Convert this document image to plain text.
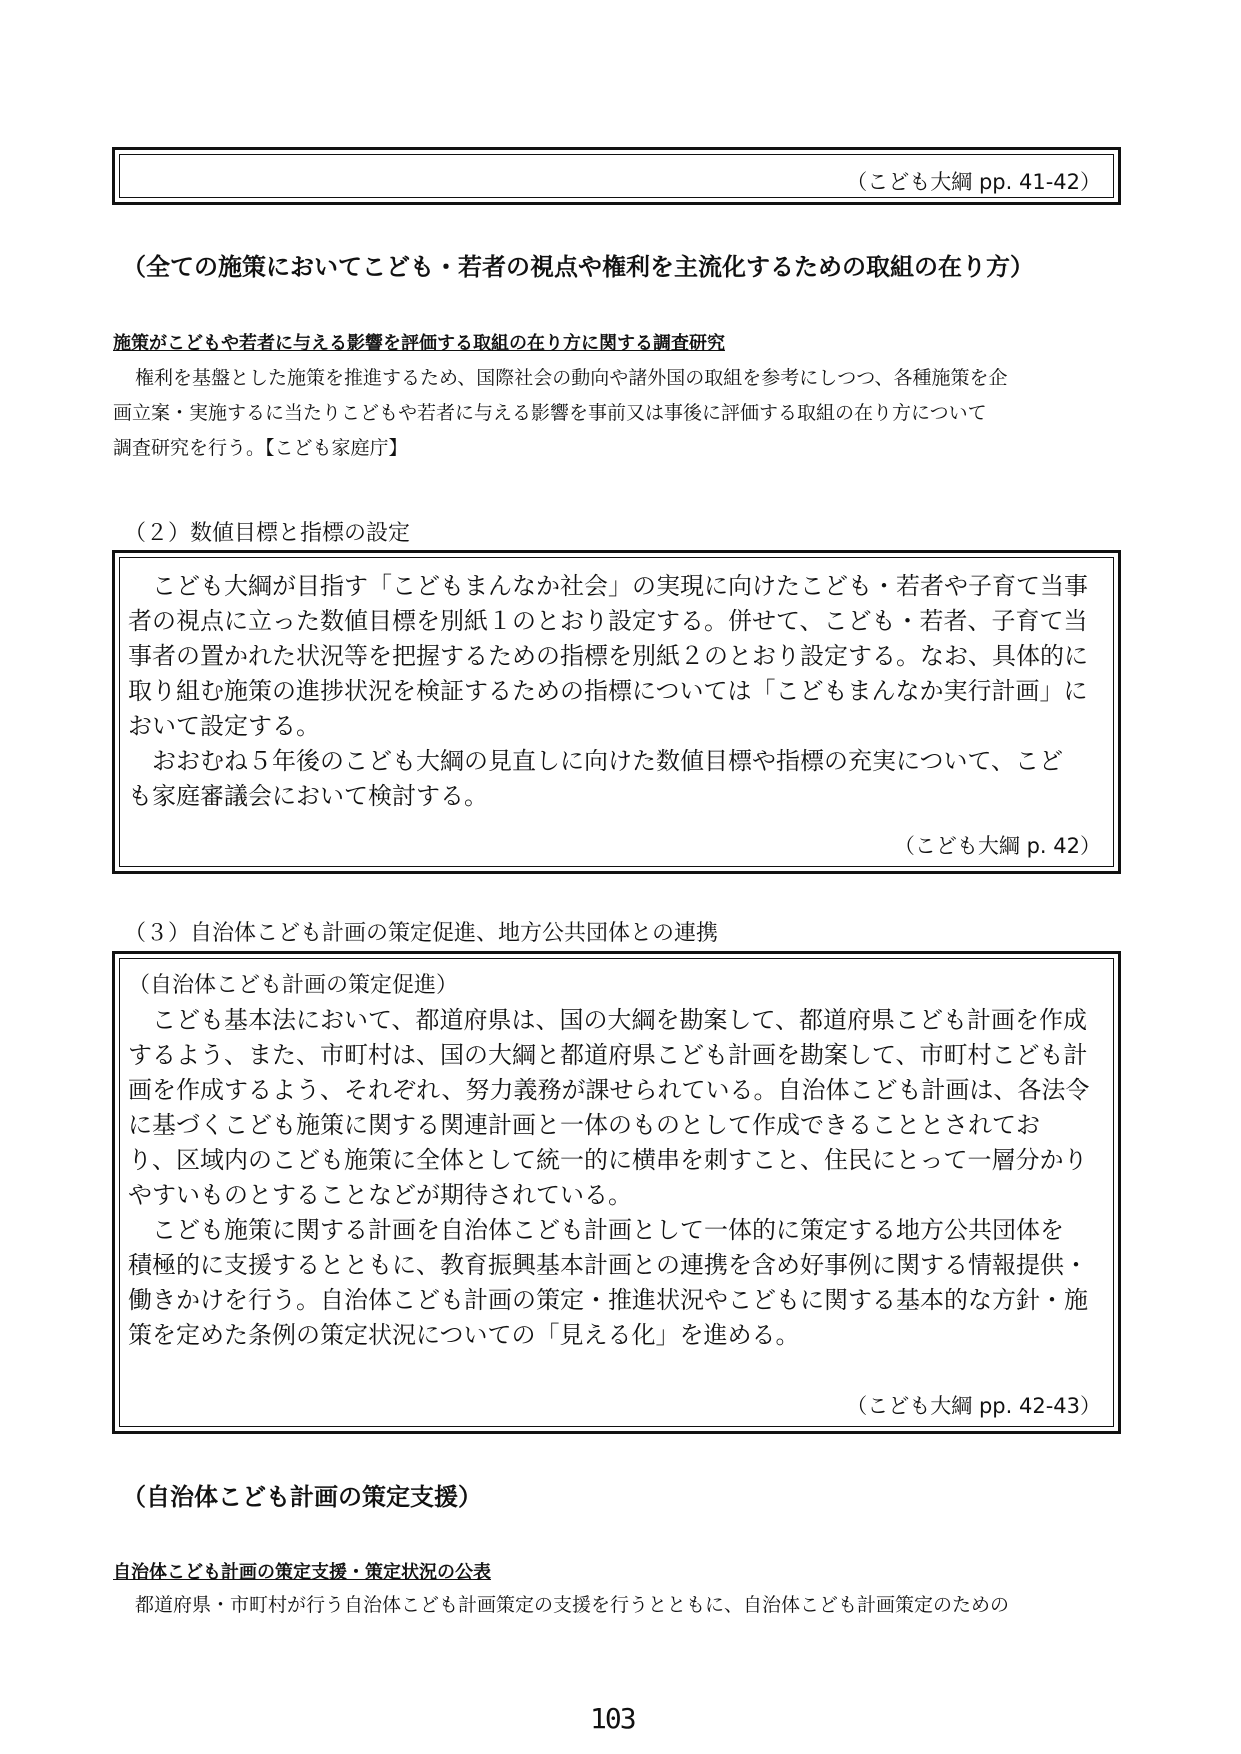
（こども大綱 pp. 41-42）
（全ての施策においてこども・若者の視点や権利を主流化するための取組の在り方）
施策がこどもや若者に与える影響を評価する取組の在り方に関する調査研究
権利を基盤とした施策を推進するため、国際社会の動向や諸外国の取組を参考にしつつ、各種施策を企
画立案・実施するに当たりこどもや若者に与える影響を事前又は事後に評価する取組の在り方について
調査研究を行う。【こども家庭庁】
（２）数値目標と指標の設定
こども大綱が目指す「こどもまんなか社会」の実現に向けたこども・若者や子育て当事
者の視点に立った数値目標を別紙１のとおり設定する。併せて、こども・若者、子育て当
事者の置かれた状況等を把握するための指標を別紙２のとおり設定する。なお、具体的に
取り組む施策の進捗状況を検証するための指標については「こどもまんなか実行計画」に
おいて設定する。
おおむね５年後のこども大綱の見直しに向けた数値目標や指標の充実について、こど
も家庭審議会において検討する。
（こども大綱 p. 42）
（３）自治体こども計画の策定促進、地方公共団体との連携
（自治体こども計画の策定促進）
こども基本法において、都道府県は、国の大綱を勘案して、都道府県こども計画を作成
するよう、また、市町村は、国の大綱と都道府県こども計画を勘案して、市町村こども計
画を作成するよう、それぞれ、努力義務が課せられている。自治体こども計画は、各法令
に基づくこども施策に関する関連計画と一体のものとして作成できることとされてお
り、区域内のこども施策に全体として統一的に横串を刺すこと、住民にとって一層分かり
やすいものとすることなどが期待されている。
こども施策に関する計画を自治体こども計画として一体的に策定する地方公共団体を
積極的に支援するとともに、教育振興基本計画との連携を含め好事例に関する情報提供・
働きかけを行う。自治体こども計画の策定・推進状況やこどもに関する基本的な方針・施
策を定めた条例の策定状況についての「見える化」を進める。
（こども大綱 pp. 42-43）
（自治体こども計画の策定支援）
自治体こども計画の策定支援・策定状況の公表
都道府県・市町村が行う自治体こども計画策定の支援を行うとともに、自治体こども計画策定のための
103
